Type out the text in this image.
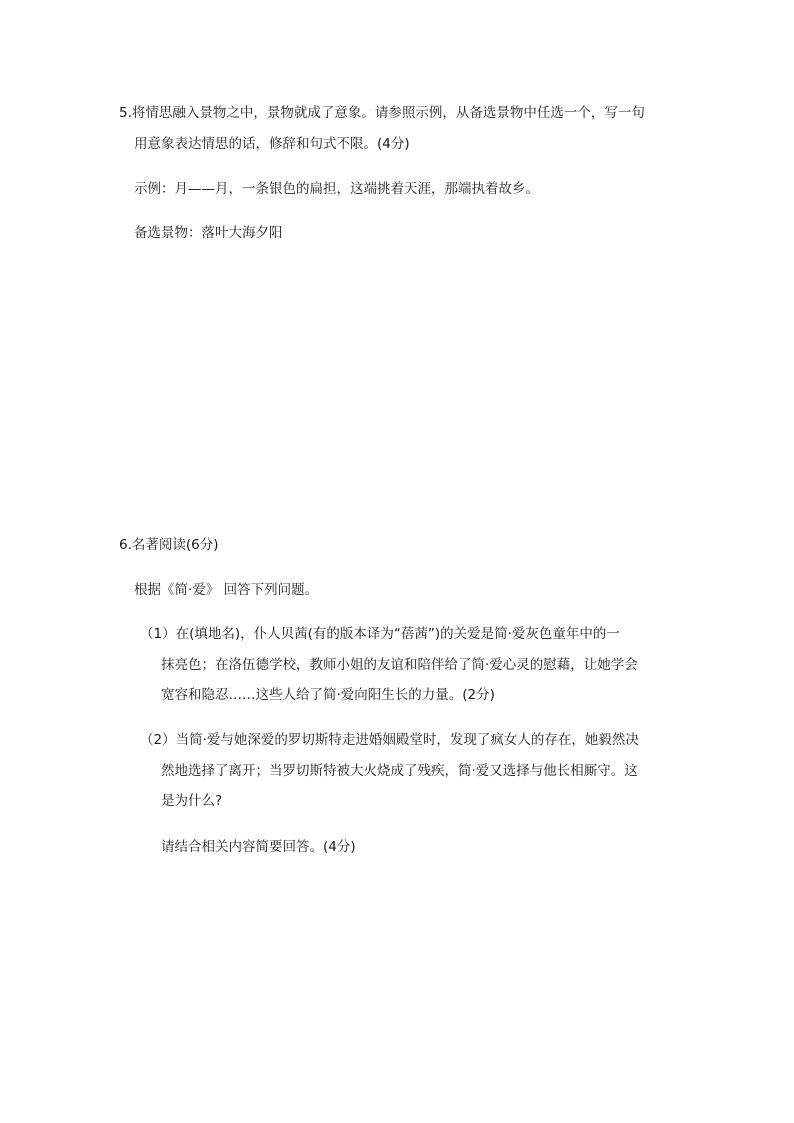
5.将情思融入景物之中，景物就成了意象。请参照示例，从备选景物中任选一个，写一句
用意象表达情思的话，修辞和句式不限。(4分)
示例：月——月，一条银色的扁担，这端挑着天涯，那端执着故乡。
备选景物：落叶大海夕阳
6.名著阅读(6分)
根据《简·爱》 回答下列问题。
（1）在(填地名)，仆人贝茜(有的版本译为“蓓茜”)的关爱是简·爱灰色童年中的一
抹亮色；在洛伍德学校，教师小姐的友谊和陪伴给了简·爱心灵的慰藉，让她学会
宽容和隐忍……这些人给了简·爱向阳生长的力量。(2分)
（2）当简·爱与她深爱的罗切斯特走进婚姻殿堂时，发现了疯女人的存在，她毅然决
然地选择了离开；当罗切斯特被大火烧成了残疾，简·爱又选择与他长相厮守。这
是为什么?
请结合相关内容简要回答。(4分)
